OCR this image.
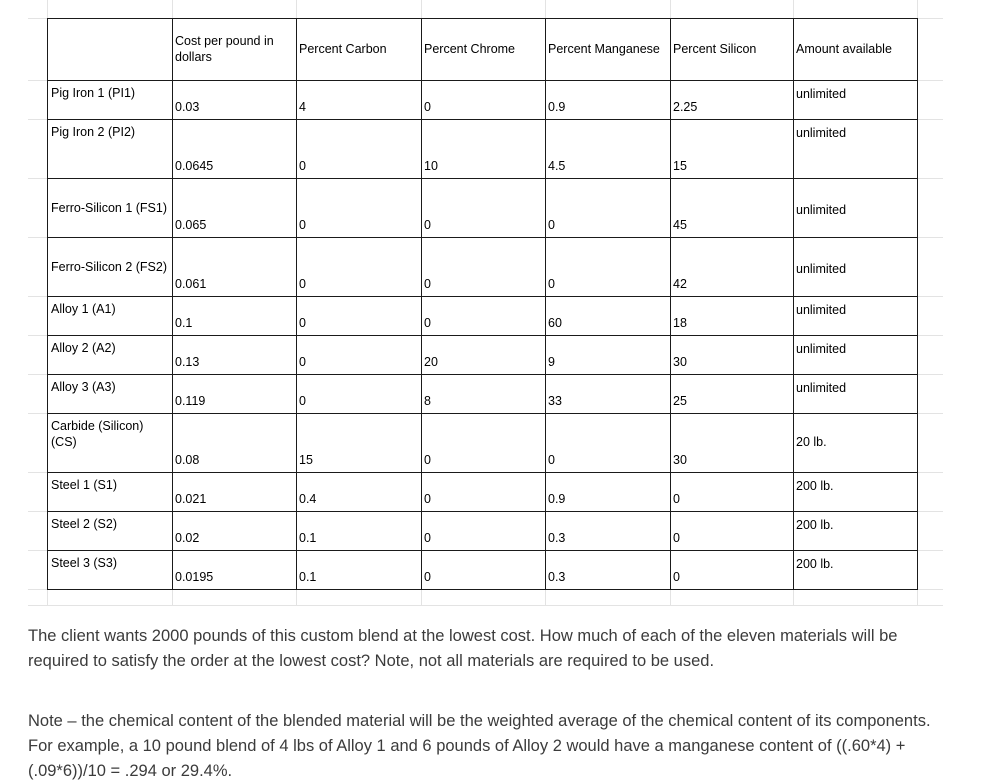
	Cost per pound in dollars	Percent Carbon	Percent Chrome	Percent Manganese	Percent Silicon	Amount available
Pig Iron 1 (PI1)	0.03	4	0	0.9	2.25	unlimited
Pig Iron 2 (PI2)	0.0645	0	10	4.5	15	unlimited
Ferro-Silicon 1 (FS1)	0.065	0	0	0	45	unlimited
Ferro-Silicon 2 (FS2)	0.061	0	0	0	42	unlimited
Alloy 1 (A1)	0.1	0	0	60	18	unlimited
Alloy 2 (A2)	0.13	0	20	9	30	unlimited
Alloy 3 (A3)	0.119	0	8	33	25	unlimited
Carbide (Silicon) (CS)	0.08	15	0	0	30	20 lb.
Steel 1 (S1)	0.021	0.4	0	0.9	0	200 lb.
Steel 2 (S2)	0.02	0.1	0	0.3	0	200 lb.
Steel 3 (S3)	0.0195	0.1	0	0.3	0	200 lb.
The client wants 2000 pounds of this custom blend at the lowest cost. How much of each of the eleven materials will be required to satisfy the order at the lowest cost? Note, not all materials are required to be used.
Note – the chemical content of the blended material will be the weighted average of the chemical content of its components. For example, a 10 pound blend of 4 lbs of Alloy 1 and 6 pounds of Alloy 2 would have a manganese content of ((.60*4) + (.09*6))/10 = .294 or 29.4%.
